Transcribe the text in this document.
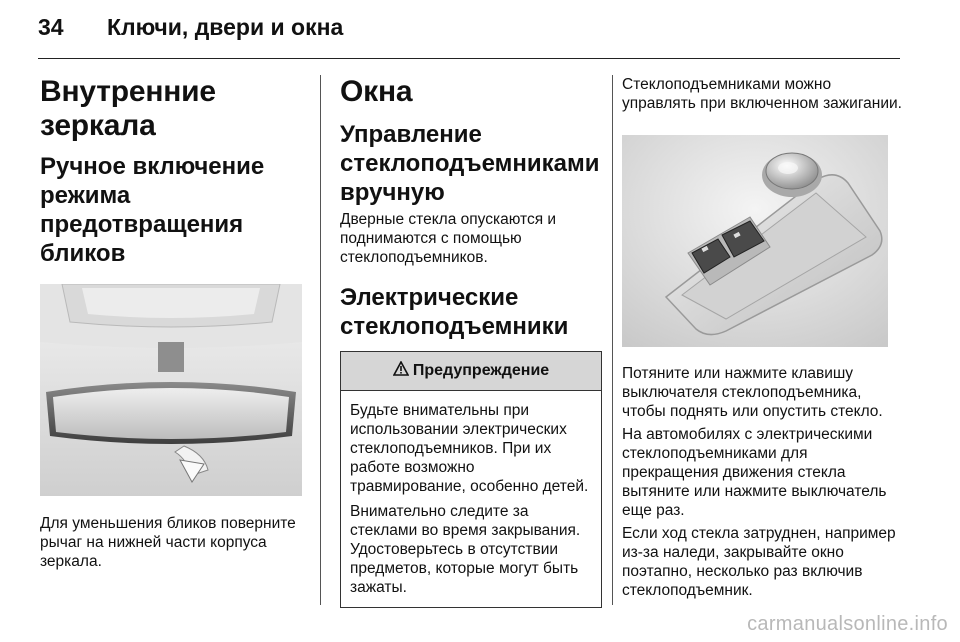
34 Ключи, двери и окна
Внутренние зеркала
Ручное включение режима предотвращения бликов

Для уменьшения бликов поверните рычаг на нижней части корпуса зеркала.

Окна
Управление стеклоподъемниками вручную

Дверные стекла опускаются и поднимаются с помощью стеклоподъемников.

Электрические стеклоподъемники
Предупреждение

Будьте внимательны при использовании электрических стеклоподъемников. При их работе возможно травмирование, особенно детей.

Внимательно следите за стеклами во время закрывания. Удостоверьтесь в отсутствии предметов, которые могут быть зажаты.

Стеклоподъемниками можно управлять при включенном зажигании.

Потяните или нажмите клавишу выключателя стеклоподъемника, чтобы поднять или опустить стекло.

На автомобилях с электрическими стеклоподъемниками для прекращения движения стекла вытяните или нажмите выключатель еще раз.

Если ход стекла затруднен, например из-за наледи, закрывайте окно поэтапно, несколько раз включив стеклоподъемник.

carmanualsonline.info
